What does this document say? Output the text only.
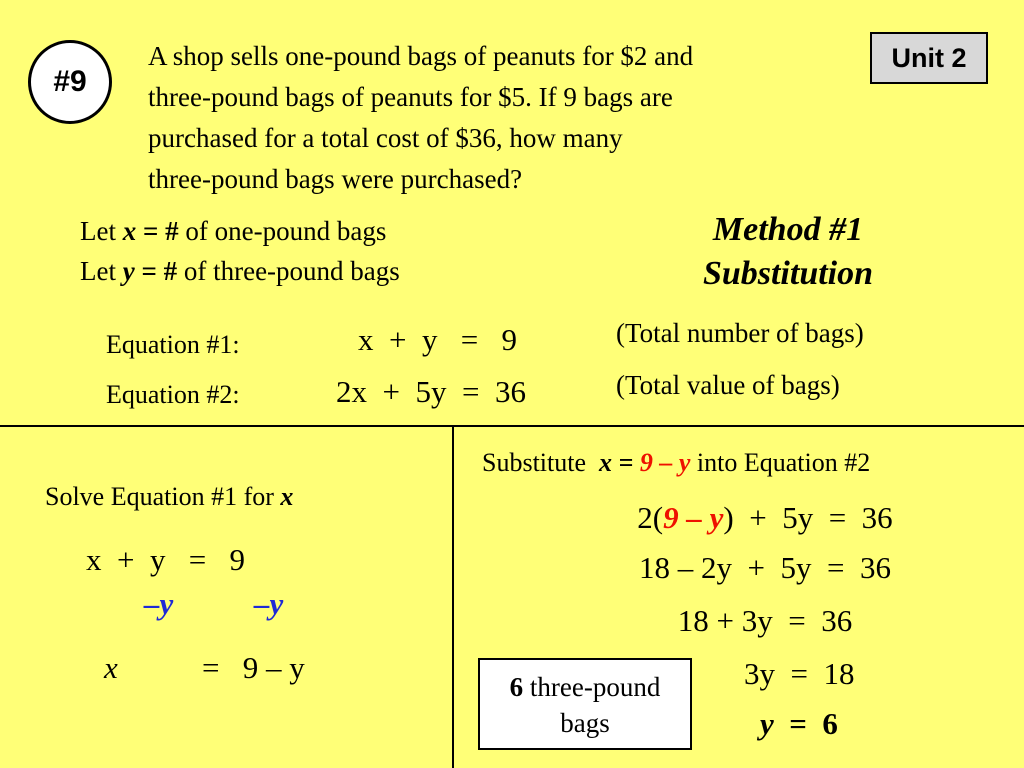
#9
Unit 2
A shop sells one-pound bags of peanuts for $2 and
three-pound bags of peanuts for $5. If 9 bags are
purchased for a total cost of $36, how many
three-pound bags were purchased?
Let x = # of one-pound bags
Let y = # of three-pound bags
Method #1
Substitution
Equation #1:	x  +  y   =   9	(Total number of bags)
Equation #2:	2x  +  5y  =  36	(Total value of bags)
Solve Equation #1 for x
x  +  y   =   9
–y	–y
x	=   9 – y
Substitute  x = 9 – y into Equation #2
2(9 – y)  +  5y  =  36
18 – 2y  +  5y  =  36
18 + 3y  =  36
3y  =  18
y  =  6
6 three-pound
bags
